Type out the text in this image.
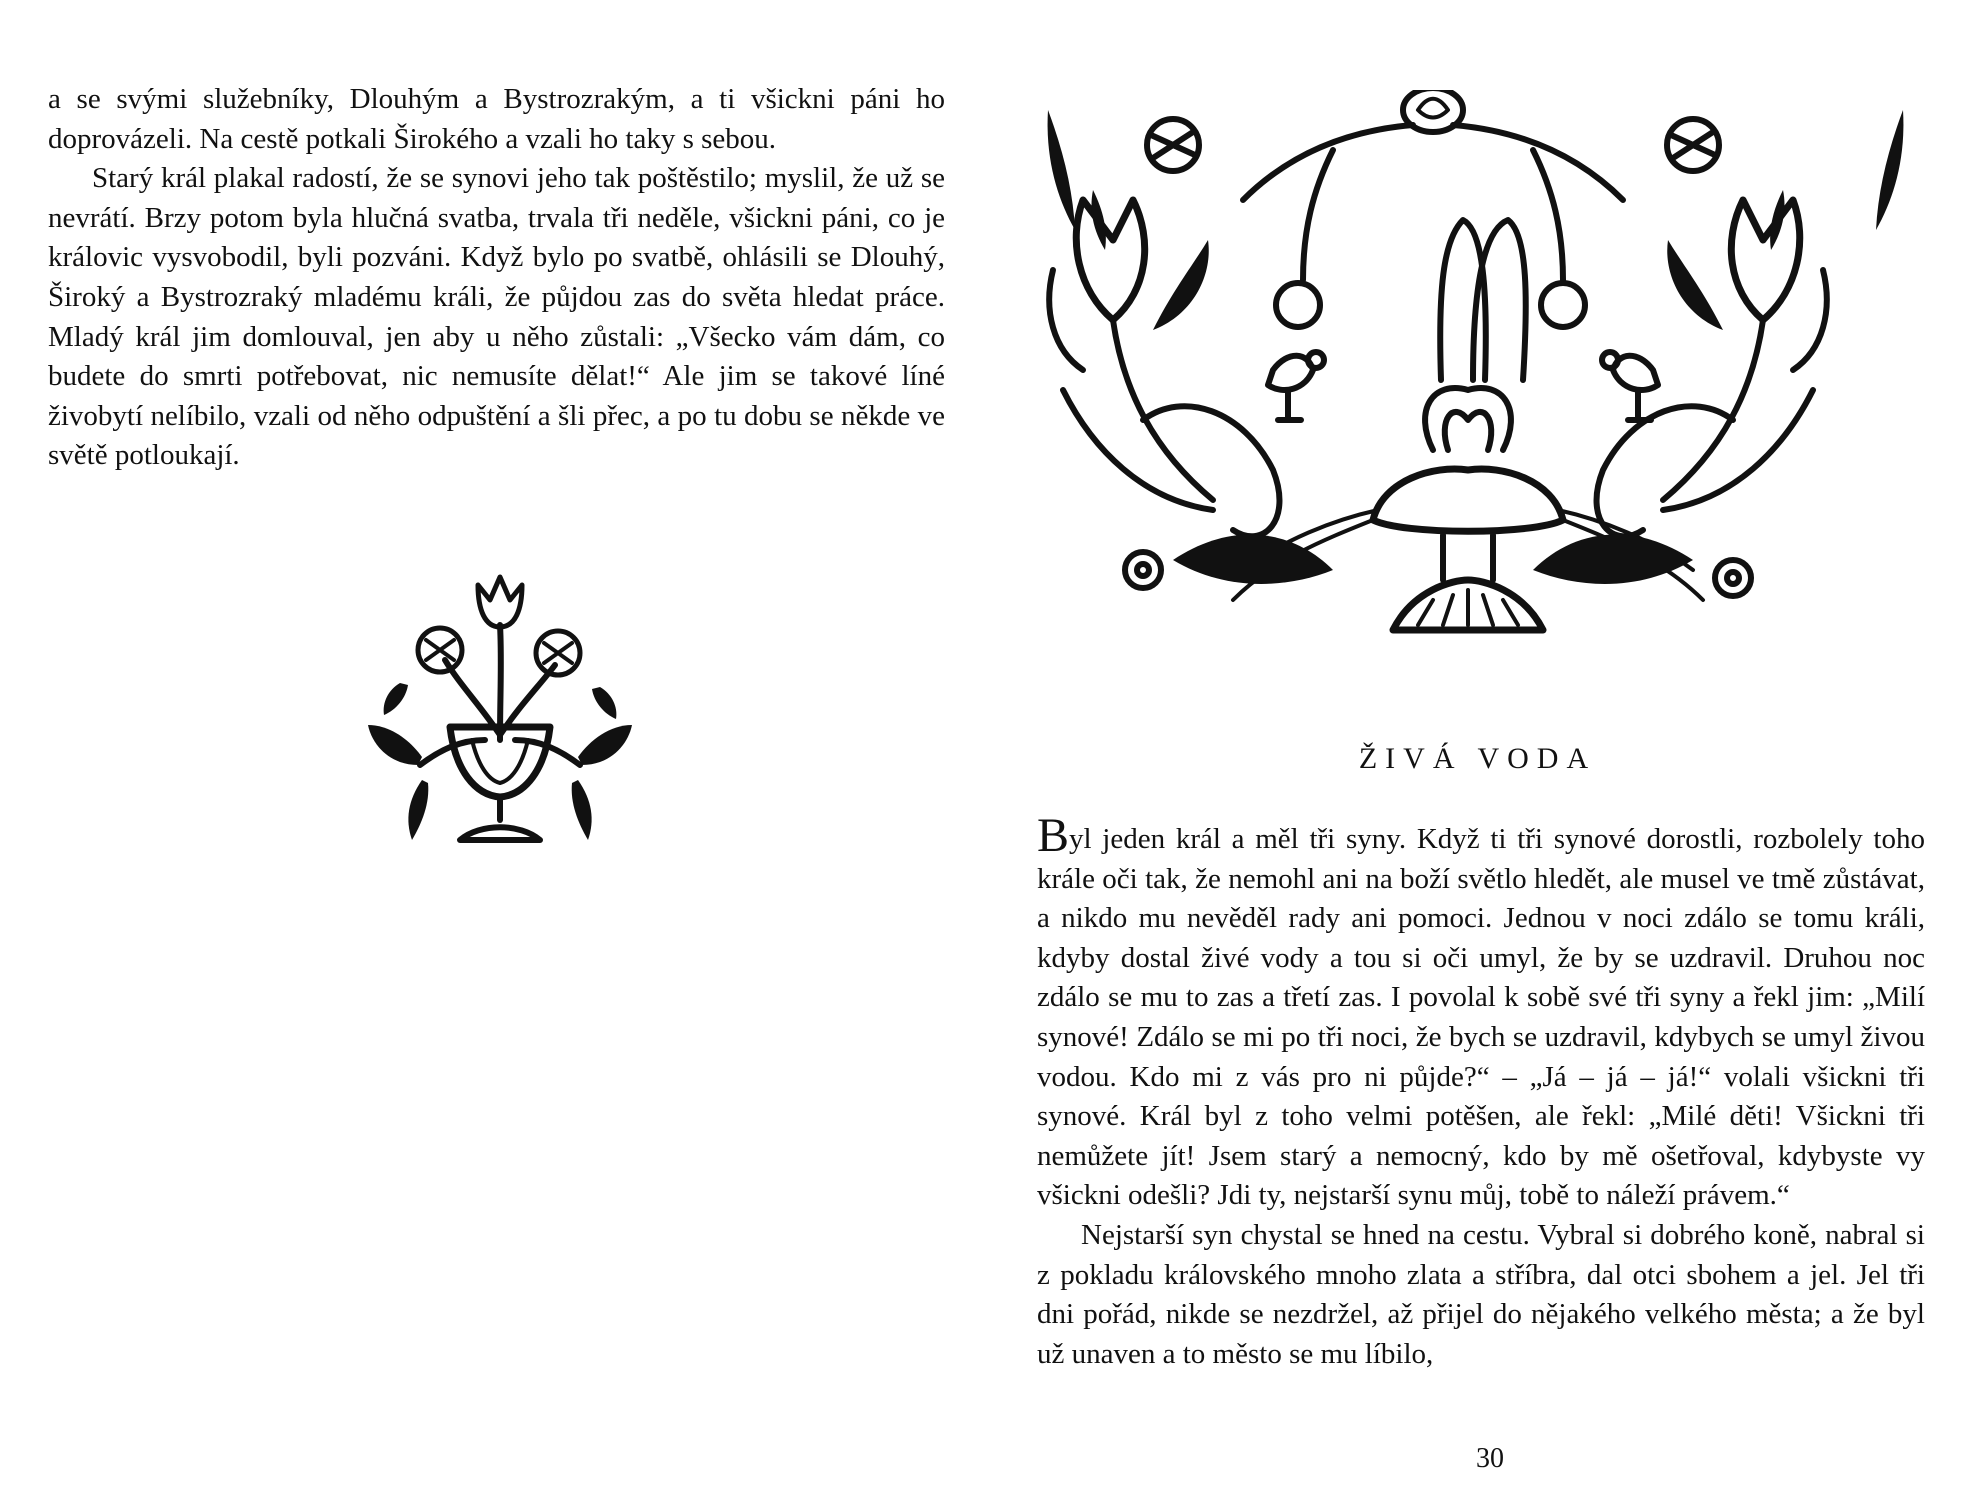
a se svými služebníky, Dlouhým a Bystrozrakým, a ti všickni páni ho doprovázeli. Na cestě potkali Širokého a vzali ho taky s sebou.

Starý král plakal radostí, že se synovi jeho tak poštěstilo; myslil, že už se nevrátí. Brzy potom byla hlučná svatba, trvala tři neděle, všickni páni, co je královic vysvobodil, byli pozváni. Když bylo po svatbě, ohlásili se Dlouhý, Široký a Bystrozraký mladému králi, že půjdou zas do světa hledat práce. Mladý král jim domlouval, jen aby u něho zůstali: „Všecko vám dám, co budete do smrti potřebovat, nic nemusíte dělat!“ Ale jim se takové líné živobytí nelíbilo, vzali od něho odpuštění a šli přec, a po tu dobu se někde ve světě potloukají.

ŽIVÁ VODA

Byl jeden král a měl tři syny. Když ti tři synové dorostli, rozbolely toho krále oči tak, že nemohl ani na boží světlo hledět, ale musel ve tmě zůstávat, a nikdo mu nevěděl rady ani pomoci. Jednou v noci zdálo se tomu králi, kdyby dostal živé vody a tou si oči umyl, že by se uzdravil. Druhou noc zdálo se mu to zas a třetí zas. I povolal k sobě své tři syny a řekl jim: „Milí synové! Zdálo se mi po tři noci, že bych se uzdravil, kdybych se umyl živou vodou. Kdo mi z vás pro ni půjde?“ – „Já – já – já!“ volali všickni tři synové. Král byl z toho velmi potěšen, ale řekl: „Milé děti! Všickni tři nemůžete jít! Jsem starý a nemocný, kdo by mě ošetřoval, kdybyste vy všickni odešli? Jdi ty, nejstarší synu můj, tobě to náleží právem.“

Nejstarší syn chystal se hned na cestu. Vybral si dobrého koně, nabral si z pokladu královského mnoho zlata a stříbra, dal otci sbohem a jel. Jel tři dni pořád, nikde se nezdržel, až přijel do nějakého velkého města; a že byl už unaven a to město se mu líbilo,

30
